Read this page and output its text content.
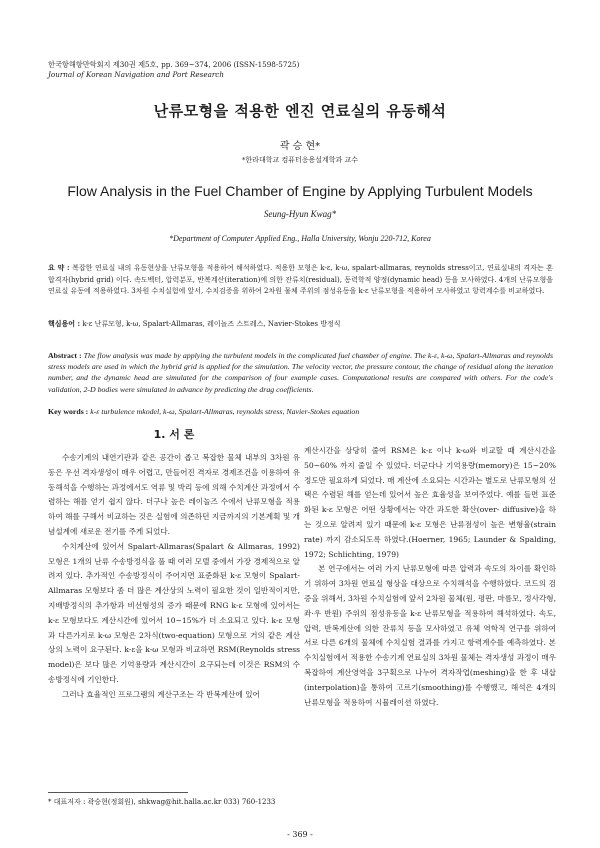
한국항해항만학회지 제30권 제5호, pp. 369~374, 2006 (ISSN-1598-5725)
Journal of Korean Navigation and Port Research
난류모형을 적용한 엔진 연료실의 유동해석
곽 승 현*
*한라대학교 컴퓨터응용설계학과 교수
Flow Analysis in the Fuel Chamber of Engine by Applying Turbulent Models
Seung-Hyun Kwag*
*Department of Computer Applied Eng., Halla University, Wonju 220-712, Korea
요 약 : 복잡한 연료실 내의 유동현상을 난류모형을 적용하여 해석하였다. 적용한 모형은 k-ε, k-ω, spalart-allmaras, reynolds stress이고, 연료실내의 격자는 혼합격자(hybrid grid) 이다. 속도벡터, 압력분포, 반복계산(iteration)에 의한 잔류치(residual), 동력학적 양정(dynamic head) 등을 모사하였다. 4개의 난류모형을 연료실 유동에 적용하였다. 3차원 수치실험에 앞서, 수치검증을 위하여 2차원 물체 주위의 점성유동을 k-ε 난류모형을 적용하여 모사하였고 항력계수를 비교하였다.
핵심용어 : k-ε 난류모형, k-ω, Spalart-Allmaras, 레이놀즈 스트레스, Navier-Stokes 방정식
Abstract : The flow analysis was made by applying the turbulent models in the complicated fuel chamber of engine. The k-ε, k-ω, Spalart-Allmaras and reynolds stress models are used in which the hybrid grid is applied for the simulation. The velocity vector, the pressure contour, the change of residual along the iteration number, and the dynamic head are simulated for the comparison of four example cases. Computational results are compared with others. For the code's validation, 2-D bodies were simulated in advance by predicting the drag coefficients.
Key words : k-ε turbulence mkodel, k-ω, Spalart-Allmaras, reynolds stress, Navier-Stokes equation
1. 서 론

수송기계의 내연기관과 같은 공간이 좁고 복잡한 물체 내부의 3차원 유동은 우선 격자생성이 매우 어렵고, 만들어진 격자로 경제조건을 이용하여 유동해석을 수행하는 과정에서도 역류 및 박리 등에 의해 수치계산 과정에서 수렴하는 해를 얻기 쉽지 않다. 더구나 높은 레이놀즈 수에서 난류모형을 적용하여 해를 구해서 비교하는 것은 실험에 의존하던 지금까지의 기본계획 및 개념설계에 새로운 전기를 주게 되었다.

수치계산에 있어서 Spalart-Allmaras(Spalart & Allmaras, 1992) 모형은 1개의 난류 수송방정식을 풀 때 여러 모델 중에서 가장 경제적으로 알려져 있다. 추가적인 수송방정식이 주어지면 표준화된 k-ε 모형이 Spalart-Allmaras 모형보다 좀 더 많은 계산상의 노력이 필요한 것이 일반적이지만, 지배방정식의 추가항과 비선형성의 증가 때문에 RNG k-ε 모형에 있어서는 k-ε 모형보다도 계산시간에 있어서 10~15%가 더 소요되고 있다. k-ε 모형과 다른가지로 k-ω 모형은 2차식(two-equation) 모형으로 거의 같은 계산상의 노력이 요구된다. k-ε을 k-ω 모형과 비교하면 RSM(Reynolds stress model)은 보다 많은 기억용량과 계산시간이 요구되는데 이것은 RSM의 수송방정식에 기인한다.

그러나 효율적인 프로그램의 계산구조는 각 반복계산에 있어

계산시간을 상당히 줄여 RSM은 k-ε 이나 k-ω와 비교할 때 계산시간을 50~60% 까지 줄일 수 있었다. 더군다나 기억용량(memory)은 15~20% 정도만 필요하게 되었다. 매 계산에 소요되는 시간과는 별도로 난류모형의 선택은 수렴된 해를 얻는데 있어서 높은 효율성을 보여주었다. 예를 들면 표준화된 k-ε 모형은 어떤 상황에서는 약간 과도한 확산(over- diffusive)을 하는 것으로 알려져 있기 때문에 k-ε 모형은 난류점성이 높은 변형율(strain rate) 까지 감소되도록 하였다.(Hoerner, 1965; Launder & Spalding, 1972; Schlichting, 1979)

본 연구에서는 여러 가지 난류모형에 따른 압력과 속도의 차이를 확인하기 위하여 3차원 연료실 형상을 대상으로 수치해석을 수행하였다. 코드의 검증을 위해서, 3차원 수치실험에 앞서 2차원 물체(원, 평판, 마름모, 정사각형, 좌·우 반원) 주위의 점성유동을 k-ε 난류모형을 적용하여 해석하였다. 속도, 압력, 반복계산에 의한 잔류치 등을 모사하였고 유체 역학적 연구를 위하여 서로 다른 6개의 물체에 수치실험 결과를 가지고 항력계수를 예측하였다. 본 수치실험에서 적용한 수송기계 연료실의 3차원 물체는 격자생성 과정이 매우 복잡하여 계산영역을 3구획으로 나누어 격자작업(meshing)을 한 후 내삽(interpolation)을 통하여 고르기(smoothing)를 수행했고, 해석은 4개의 난류모형을 적용하여 시뮬레이션 하였다.

* 대표저자 : 곽승현(정회원), shkwag@hit.halla.ac.kr 033) 760-1233
- 369 -
